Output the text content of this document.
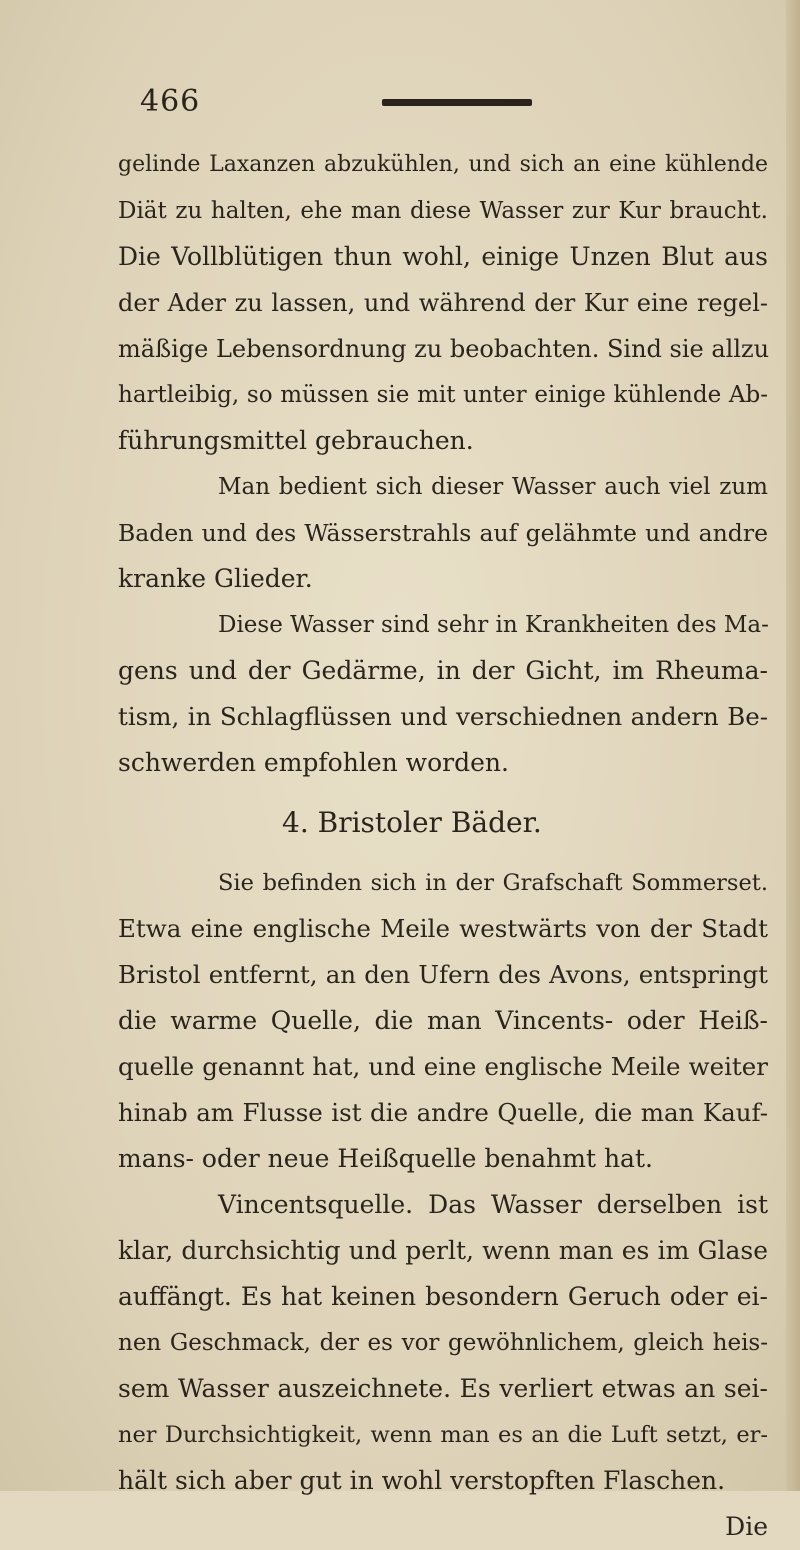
466
gelinde Laxanzen abzukühlen, und sich an eine kühlende
Diät zu halten, ehe man diese Wasser zur Kur braucht.
Die Vollblütigen thun wohl, einige Unzen Blut aus
der Ader zu lassen, und während der Kur eine regel-
mäßige Lebensordnung zu beobachten. Sind sie allzu
hartleibig, so müssen sie mit unter einige kühlende Ab-
führungsmittel gebrauchen.
Man bedient sich dieser Wasser auch viel zum
Baden und des Wässerstrahls auf gelähmte und andre
kranke Glieder.
Diese Wasser sind sehr in Krankheiten des Ma-
gens und der Gedärme, in der Gicht, im Rheuma-
tism, in Schlagflüssen und verschiednen andern Be-
schwerden empfohlen worden.
4. Bristoler Bäder.
Sie befinden sich in der Grafschaft Sommerset.
Etwa eine englische Meile westwärts von der Stadt
Bristol entfernt, an den Ufern des Avons, entspringt
die warme Quelle, die man Vincents- oder Heiß-
quelle genannt hat, und eine englische Meile weiter
hinab am Flusse ist die andre Quelle, die man Kauf-
mans- oder neue Heißquelle benahmt hat.
Vincentsquelle. Das Wasser derselben ist
klar, durchsichtig und perlt, wenn man es im Glase
auffängt. Es hat keinen besondern Geruch oder ei-
nen Geschmack, der es vor gewöhnlichem, gleich heis-
sem Wasser auszeichnete. Es verliert etwas an sei-
ner Durchsichtigkeit, wenn man es an die Luft setzt, er-
hält sich aber gut in wohl verstopften Flaschen.
Die
